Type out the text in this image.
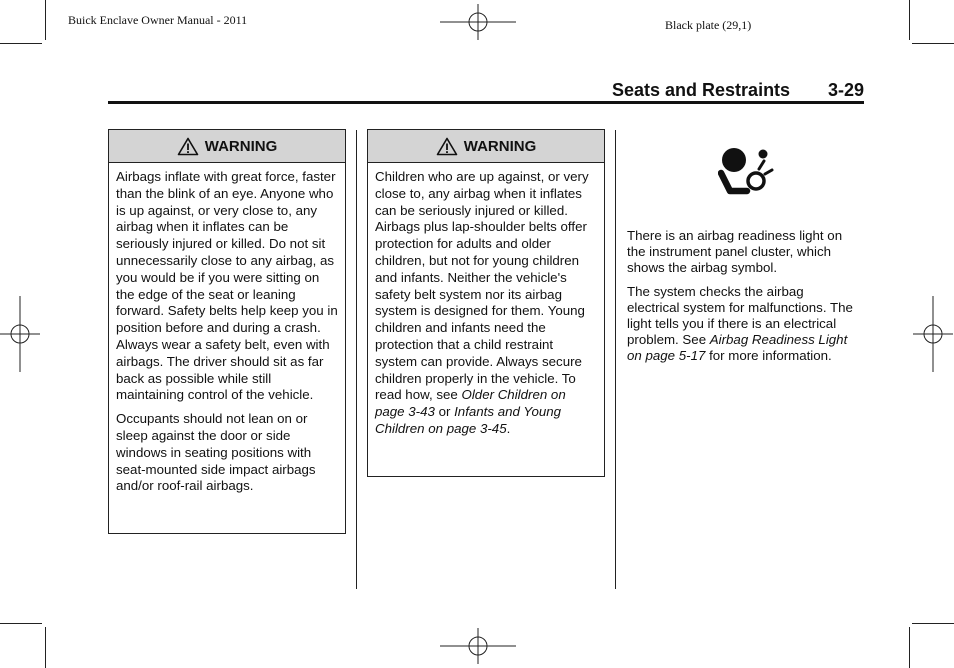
Buick Enclave Owner Manual - 2011	Black plate (29,1)
Seats and Restraints 3-29
WARNING

Airbags inflate with great force, faster than the blink of an eye. Anyone who is up against, or very close to, any airbag when it inflates can be seriously injured or killed. Do not sit unnecessarily close to any airbag, as you would be if you were sitting on the edge of the seat or leaning forward. Safety belts help keep you in position before and during a crash. Always wear a safety belt, even with airbags. The driver should sit as far back as possible while still maintaining control of the vehicle.

Occupants should not lean on or sleep against the door or side windows in seating positions with seat-mounted side impact airbags and/or roof-rail airbags.

WARNING

Children who are up against, or very close to, any airbag when it inflates can be seriously injured or killed. Airbags plus lap-shoulder belts offer protection for adults and older children, but not for young children and infants. Neither the vehicle's safety belt system nor its airbag system is designed for them. Young children and infants need the protection that a child restraint system can provide. Always secure children properly in the vehicle. To read how, see Older Children on page 3-43 or Infants and Young Children on page 3-45.

There is an airbag readiness light on the instrument panel cluster, which shows the airbag symbol.

The system checks the airbag electrical system for malfunctions. The light tells you if there is an electrical problem. See Airbag Readiness Light on page 5-17 for more information.
